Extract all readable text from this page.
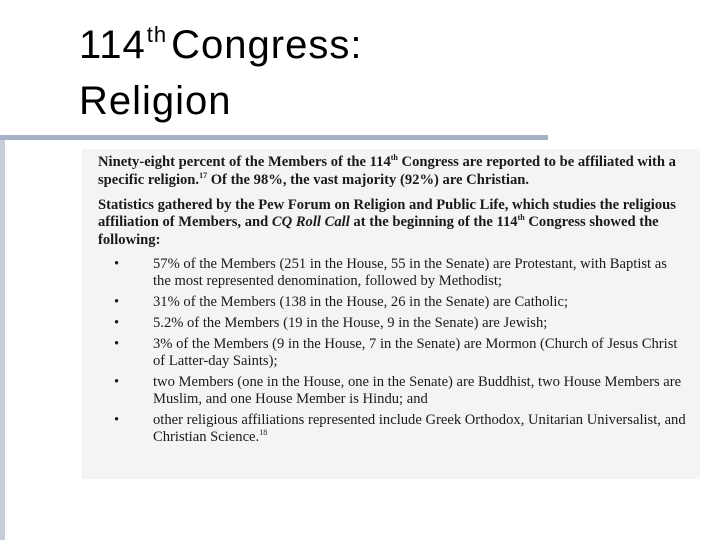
114th Congress:
Religion

Ninety-eight percent of the Members of the 114th Congress are reported to be affiliated with a specific religion.$^{17}$ Of the 98%, the vast majority (92%) are Christian.

Statistics gathered by the Pew Forum on Religion and Public Life, which studies the religious affiliation of Members, and CQ Roll Call at the beginning of the 114th Congress showed the following:

• 57% of the Members (251 in the House, 55 in the Senate) are Protestant, with Baptist as the most represented denomination, followed by Methodist;
• 31% of the Members (138 in the House, 26 in the Senate) are Catholic;
• 5.2% of the Members (19 in the House, 9 in the Senate) are Jewish;
• 3% of the Members (9 in the House, 7 in the Senate) are Mormon (Church of Jesus Christ of Latter-day Saints);
• two Members (one in the House, one in the Senate) are Buddhist, two House Members are Muslim, and one House Member is Hindu; and
• other religious affiliations represented include Greek Orthodox, Unitarian Universalist, and Christian Science.$^{18}$
